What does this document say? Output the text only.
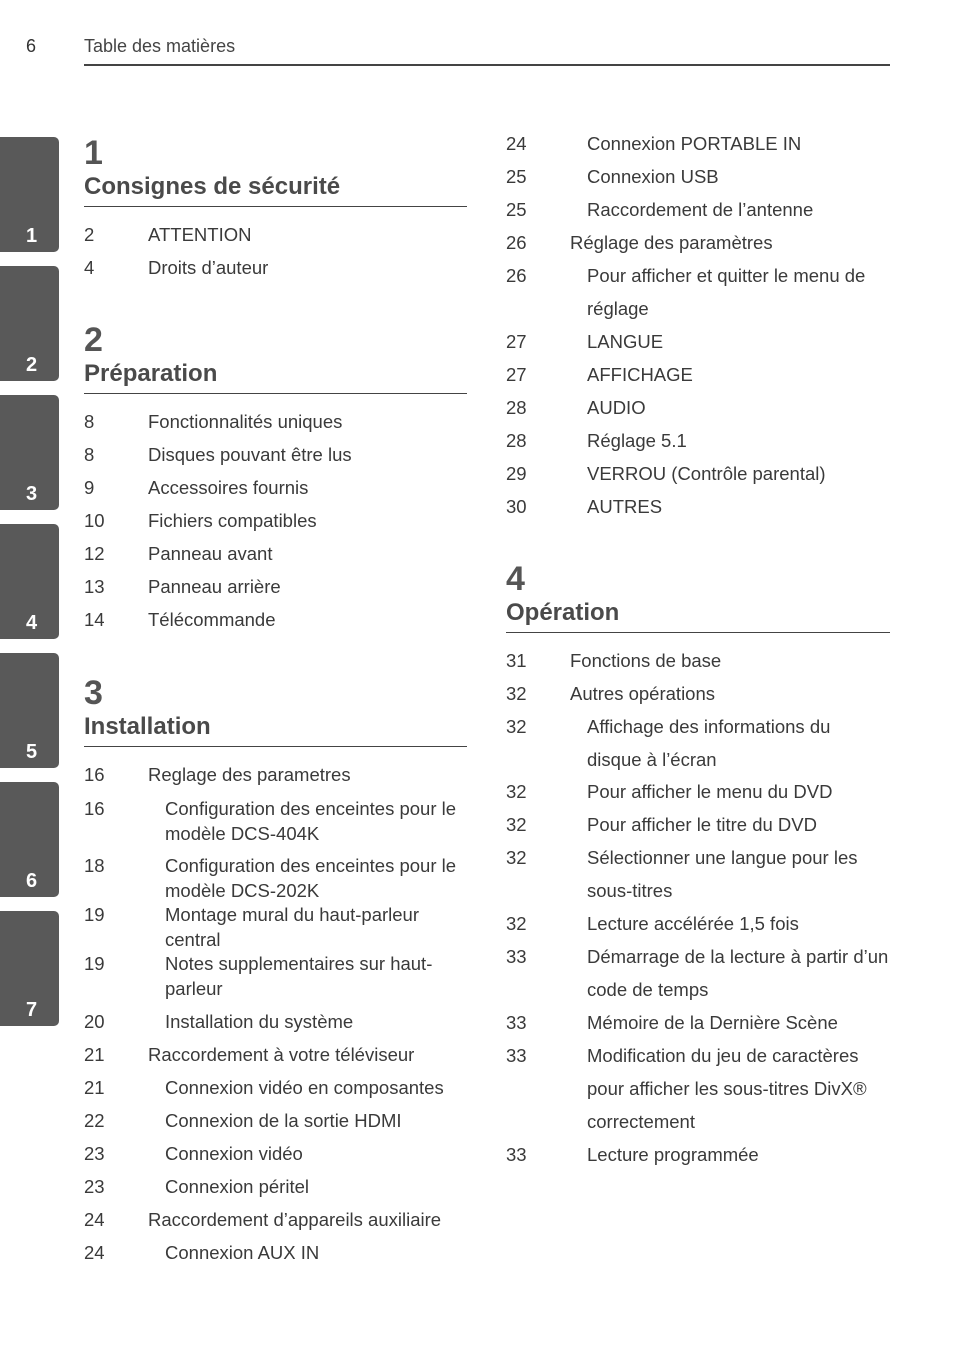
6	Table des matières
1
2
3
4
5
6
7
1
Consignes de sécurité
2	ATTENTION
4	Droits d’auteur
2
Préparation
8	Fonctionnalités uniques
8	Disques pouvant être lus
9	Accessoires fournis
10	Fichiers compatibles
12	Panneau avant
13	Panneau arrière
14	Télécommande
3
Installation
16	Reglage des parametres
16	Configuration des enceintes pour le modèle DCS-404K
18	Configuration des enceintes pour le modèle DCS-202K
19	Montage mural du haut-parleur central
19	Notes supplementaires sur haut-parleur
20	Installation du système
21	Raccordement à votre téléviseur
21	Connexion vidéo en composantes
22	Connexion de la sortie HDMI
23	Connexion vidéo
23	Connexion péritel
24	Raccordement d’appareils auxiliaire
24	Connexion AUX IN
24	Connexion PORTABLE IN
25	Connexion USB
25	Raccordement de l’antenne
26	Réglage des paramètres
26	Pour afficher et quitter le menu de réglage
27	LANGUE
27	AFFICHAGE
28	AUDIO
28	Réglage 5.1
29	VERROU (Contrôle parental)
30	AUTRES
4
Opération
31	Fonctions de base
32	Autres opérations
32	Affichage des informations du disque à l’écran
32	Pour afficher le menu du DVD
32	Pour afficher le titre du DVD
32	Sélectionner une langue pour les sous-titres
32	Lecture accélérée 1,5 fois
33	Démarrage de la lecture à partir d’un code de temps
33	Mémoire de la Dernière Scène
33	Modification du jeu de caractères pour afficher les sous-titres DivX® correctement
33	Lecture programmée
